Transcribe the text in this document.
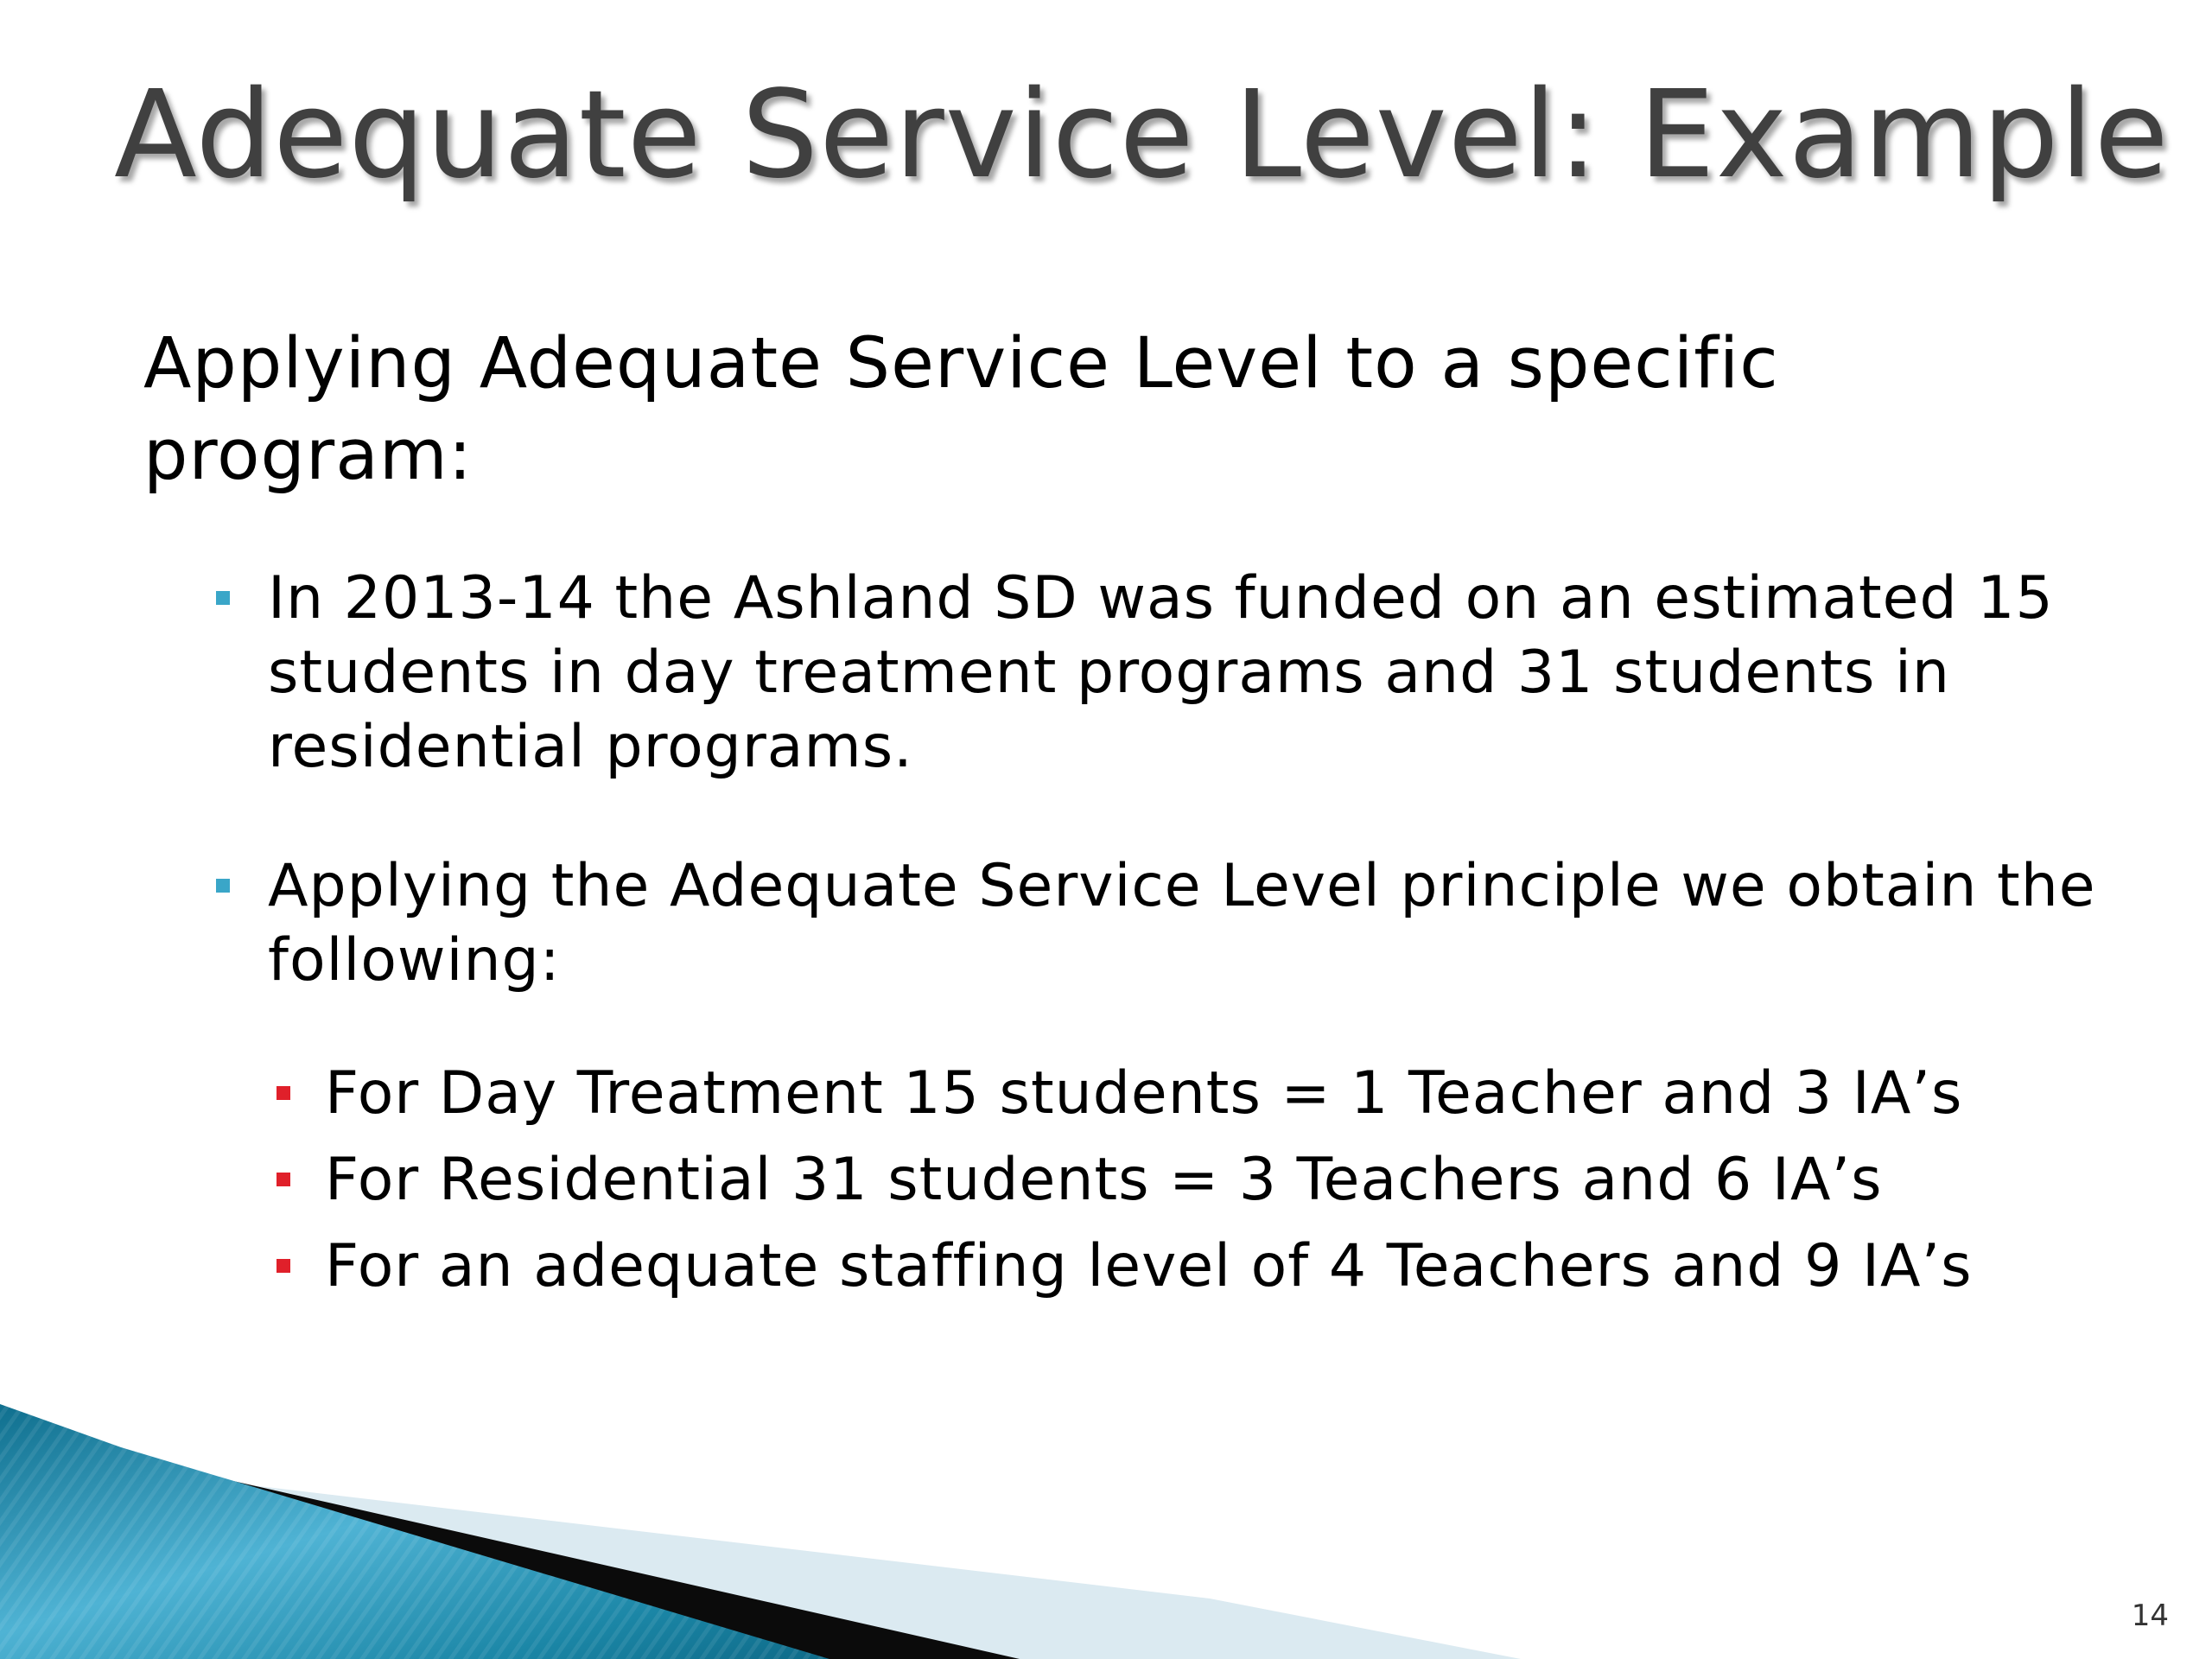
Adequate Service Level: Example

Applying Adequate Service Level to a specific program:

In 2013-14 the Ashland SD was funded on an estimated 15 students in day treatment programs and 31 students in residential programs.
Applying the Adequate Service Level principle we obtain the following:
For Day Treatment 15 students = 1 Teacher and 3 IA’s
For Residential 31 students = 3 Teachers and 6 IA’s
For an adequate staffing level of 4 Teachers and 9 IA’s
14
